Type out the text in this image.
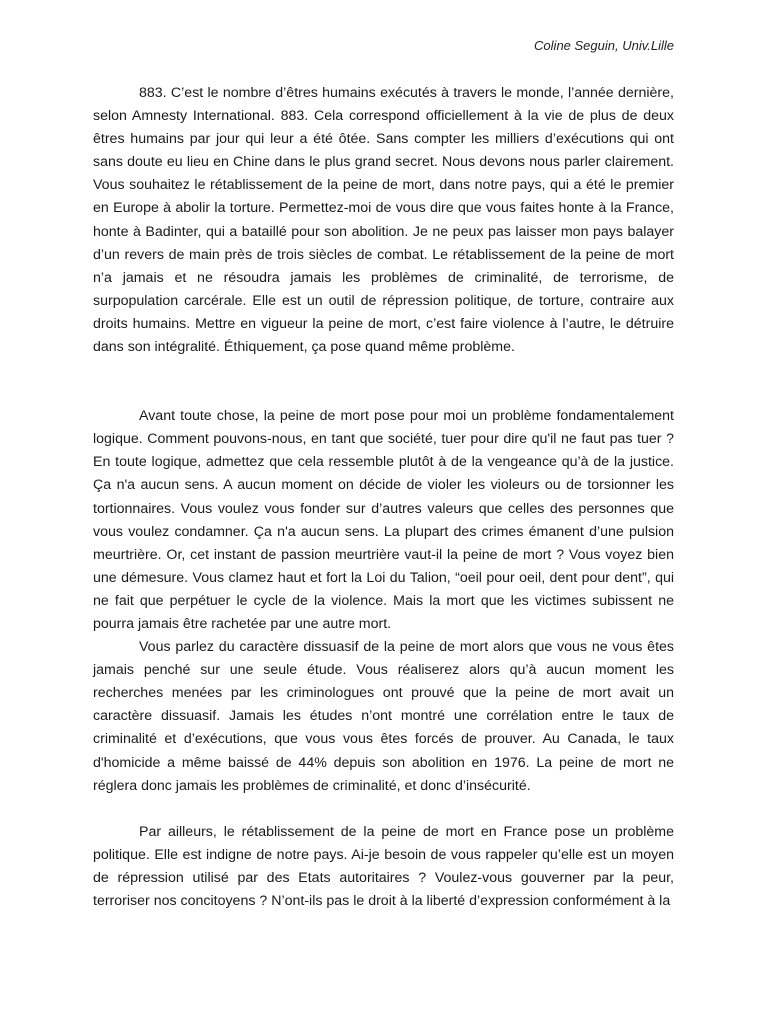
Coline Seguin, Univ.Lille

883. C’est le nombre d’êtres humains exécutés à travers le monde, l’année dernière, selon Amnesty International. 883. Cela correspond officiellement à la vie de plus de deux êtres humains par jour qui leur a été ôtée. Sans compter les milliers d’exécutions qui ont sans doute eu lieu en Chine dans le plus grand secret. Nous devons nous parler clairement. Vous souhaitez le rétablissement de la peine de mort, dans notre pays, qui a été le premier en Europe à abolir la torture. Permettez-moi de vous dire que vous faites honte à la France, honte à Badinter, qui a bataillé pour son abolition. Je ne peux pas laisser mon pays balayer d’un revers de main près de trois siècles de combat. Le rétablissement de la peine de mort n’a jamais et ne résoudra jamais les problèmes de criminalité, de terrorisme, de surpopulation carcérale. Elle est un outil de répression politique, de torture, contraire aux droits humains. Mettre en vigueur la peine de mort, c’est faire violence à l’autre, le détruire dans son intégralité. Éthiquement, ça pose quand même problème.

Avant toute chose, la peine de mort pose pour moi un problème fondamentalement logique. Comment pouvons-nous, en tant que société, tuer pour dire qu'il ne faut pas tuer ? En toute logique, admettez que cela ressemble plutôt à de la vengeance qu’à de la justice. Ça n'a aucun sens. A aucun moment on décide de violer les violeurs ou de torsionner les tortionnaires. Vous voulez vous fonder sur d’autres valeurs que celles des personnes que vous voulez condamner. Ça n'a aucun sens. La plupart des crimes émanent d’une pulsion meurtrière. Or, cet instant de passion meurtrière vaut-il la peine de mort ? Vous voyez bien une démesure. Vous clamez haut et fort la Loi du Talion, “oeil pour oeil, dent pour dent”, qui ne fait que perpétuer le cycle de la violence. Mais la mort que les victimes subissent ne pourra jamais être rachetée par une autre mort.

Vous parlez du caractère dissuasif de la peine de mort alors que vous ne vous êtes jamais penché sur une seule étude. Vous réaliserez alors qu’à aucun moment les recherches menées par les criminologues ont prouvé que la peine de mort avait un caractère dissuasif. Jamais les études n’ont montré une corrélation entre le taux de criminalité et d’exécutions, que vous vous êtes forcés de prouver. Au Canada, le taux d'homicide a même baissé de 44% depuis son abolition en 1976. La peine de mort ne réglera donc jamais les problèmes de criminalité, et donc d’insécurité.

Par ailleurs, le rétablissement de la peine de mort en France pose un problème politique. Elle est indigne de notre pays. Ai-je besoin de vous rappeler qu’elle est un moyen de répression utilisé par des Etats autoritaires ? Voulez-vous gouverner par la peur, terroriser nos concitoyens ? N’ont-ils pas le droit à la liberté d’expression conformément à la
